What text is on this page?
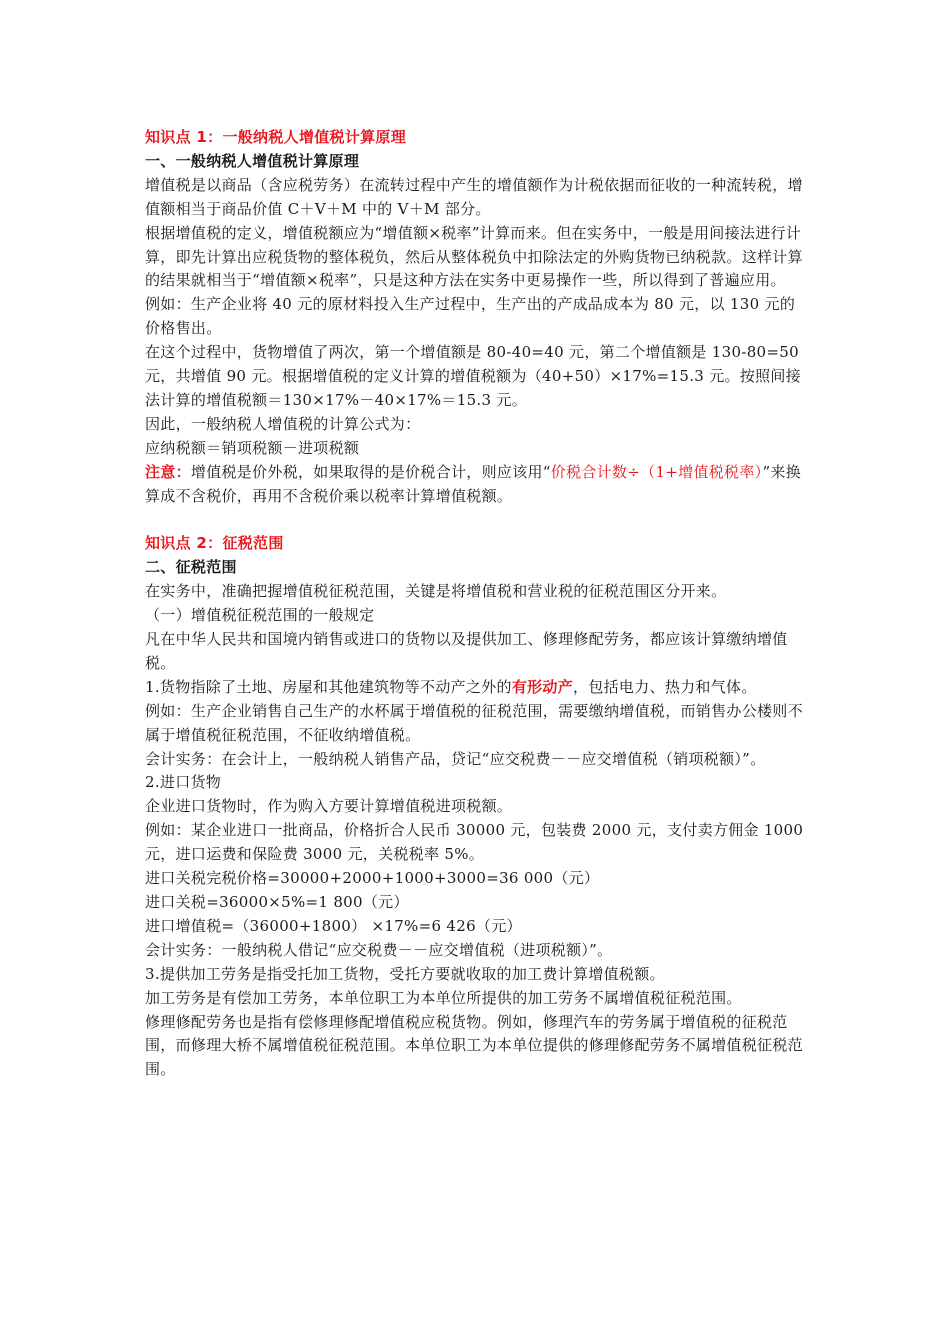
知识点 1：一般纳税人增值税计算原理

一、一般纳税人增值税计算原理

增值税是以商品（含应税劳务）在流转过程中产生的增值额作为计税依据而征收的一种流转税，增值额相当于商品价值 C＋V＋M 中的 V＋M 部分。

根据增值税的定义，增值税额应为“增值额×税率”计算而来。但在实务中，一般是用间接法进行计算，即先计算出应税货物的整体税负，然后从整体税负中扣除法定的外购货物已纳税款。这样计算的结果就相当于“增值额×税率”，只是这种方法在实务中更易操作一些，所以得到了普遍应用。

例如：生产企业将 40 元的原材料投入生产过程中，生产出的产成品成本为 80 元，以 130 元的价格售出。

在这个过程中，货物增值了两次，第一个增值额是 80-40=40 元，第二个增值额是 130-80=50 元，共增值 90 元。根据增值税的定义计算的增值税额为（40+50）×17%=15.3 元。按照间接法计算的增值税额＝130×17%－40×17%＝15.3 元。

因此，一般纳税人增值税的计算公式为：

应纳税额＝销项税额－进项税额

注意：增值税是价外税，如果取得的是价税合计，则应该用“价税合计数÷（1+增值税税率）”来换算成不含税价，再用不含税价乘以税率计算增值税额。

知识点 2：征税范围

二、征税范围

在实务中，准确把握增值税征税范围，关键是将增值税和营业税的征税范围区分开来。

（一）增值税征税范围的一般规定

凡在中华人民共和国境内销售或进口的货物以及提供加工、修理修配劳务，都应该计算缴纳增值税。

1.货物指除了土地、房屋和其他建筑物等不动产之外的有形动产，包括电力、热力和气体。

例如：生产企业销售自己生产的水杯属于增值税的征税范围，需要缴纳增值税，而销售办公楼则不属于增值税征税范围，不征收纳增值税。

会计实务：在会计上，一般纳税人销售产品，贷记“应交税费－－应交增值税（销项税额）”。

2.进口货物

企业进口货物时，作为购入方要计算增值税进项税额。

例如：某企业进口一批商品，价格折合人民币 30000 元，包装费 2000 元，支付卖方佣金 1000 元，进口运费和保险费 3000 元，关税税率 5%。

进口关税完税价格=30000+2000+1000+3000=36 000（元）

进口关税=36000×5%=1 800（元）

进口增值税=（36000+1800） ×17%=6 426（元）

会计实务：一般纳税人借记“应交税费－－应交增值税（进项税额）”。

3.提供加工劳务是指受托加工货物，受托方要就收取的加工费计算增值税额。

加工劳务是有偿加工劳务，本单位职工为本单位所提供的加工劳务不属增值税征税范围。

修理修配劳务也是指有偿修理修配增值税应税货物。例如，修理汽车的劳务属于增值税的征税范围，而修理大桥不属增值税征税范围。本单位职工为本单位提供的修理修配劳务不属增值税征税范围。
